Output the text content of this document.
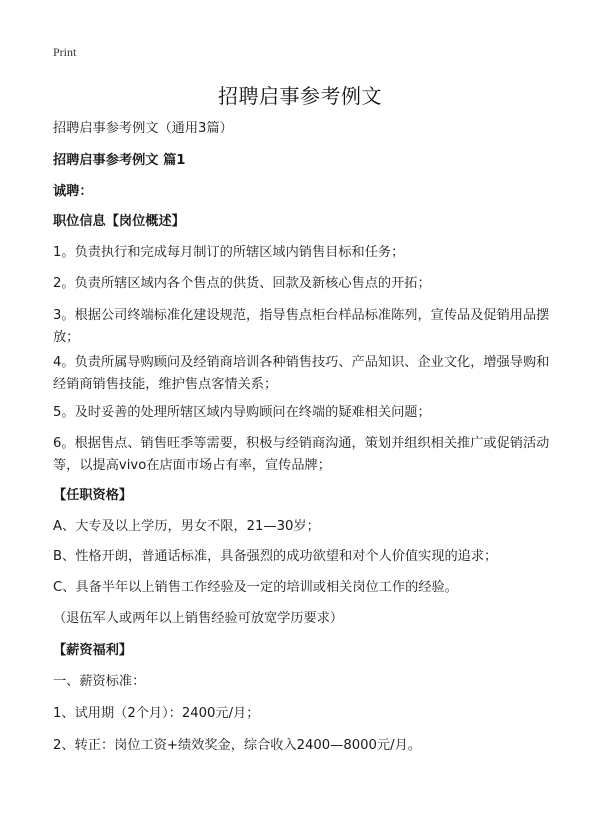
Print
招聘启事参考例文
招聘启事参考例文（通用3篇）
招聘启事参考例文 篇1
诚聘：
职位信息【岗位概述】
1。负责执行和完成每月制订的所辖区域内销售目标和任务；
2。负责所辖区域内各个售点的供货、回款及新核心售点的开拓；
3。根据公司终端标准化建设规范，指导售点柜台样品标准陈列，宣传品及促销用品摆放；
4。负责所属导购顾问及经销商培训各种销售技巧、产品知识、企业文化，增强导购和经销商销售技能，维护售点客情关系；
5。及时妥善的处理所辖区域内导购顾问在终端的疑难相关问题；
6。根据售点、销售旺季等需要，积极与经销商沟通，策划并组织相关推广或促销活动等，以提高vivo在店面市场占有率，宣传品牌；
【任职资格】
A、大专及以上学历，男女不限，21—30岁；
B、性格开朗，普通话标准，具备强烈的成功欲望和对个人价值实现的追求；
C、具备半年以上销售工作经验及一定的培训或相关岗位工作的经验。
（退伍军人或两年以上销售经验可放宽学历要求）
【薪资福利】
一、薪资标准：
1、试用期（2个月）：2400元/月；
2、转正：岗位工资+绩效奖金，综合收入2400—8000元/月。
